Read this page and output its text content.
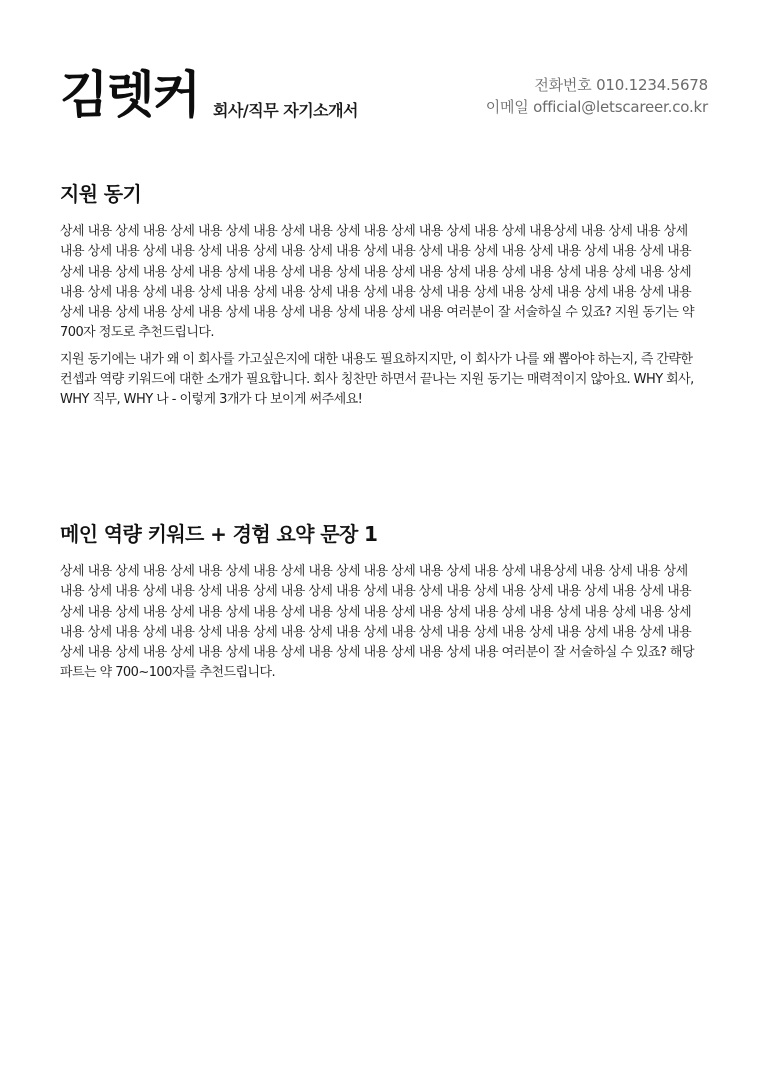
김렛커 회사/직무 자기소개서
전화번호 010.1234.5678
이메일 official@letscareer.co.kr
지원 동기

상세 내용 상세 내용 상세 내용 상세 내용 상세 내용 상세 내용 상세 내용 상세 내용 상세 내용상세 내용 상세 내용 상세 내용 상세 내용 상세 내용 상세 내용 상세 내용 상세 내용 상세 내용 상세 내용 상세 내용 상세 내용 상세 내용 상세 내용 상세 내용 상세 내용 상세 내용 상세 내용 상세 내용 상세 내용 상세 내용 상세 내용 상세 내용 상세 내용 상세 내용 상세 내용 상세 내용 상세 내용 상세 내용 상세 내용 상세 내용 상세 내용 상세 내용 상세 내용 상세 내용 상세 내용 상세 내용 상세 내용 상세 내용 상세 내용 상세 내용 상세 내용 상세 내용 상세 내용 여러분이 잘 서술하실 수 있죠? 지원 동기는 약 700자 정도로 추천드립니다.

지원 동기에는 내가 왜 이 회사를 가고싶은지에 대한 내용도 필요하지지만, 이 회사가 나를 왜 뽑아야 하는지, 즉 간략한 컨셉과 역량 키워드에 대한 소개가 필요합니다. 회사 칭찬만 하면서 끝나는 지원 동기는 매력적이지 않아요. WHY 회사, WHY 직무, WHY 나 - 이렇게 3개가 다 보이게 써주세요!

메인 역량 키워드 + 경험 요약 문장 1

상세 내용 상세 내용 상세 내용 상세 내용 상세 내용 상세 내용 상세 내용 상세 내용 상세 내용상세 내용 상세 내용 상세 내용 상세 내용 상세 내용 상세 내용 상세 내용 상세 내용 상세 내용 상세 내용 상세 내용 상세 내용 상세 내용 상세 내용 상세 내용 상세 내용 상세 내용 상세 내용 상세 내용 상세 내용 상세 내용 상세 내용 상세 내용 상세 내용 상세 내용 상세 내용 상세 내용 상세 내용 상세 내용 상세 내용 상세 내용 상세 내용 상세 내용 상세 내용 상세 내용 상세 내용 상세 내용 상세 내용 상세 내용 상세 내용 상세 내용 상세 내용 상세 내용 상세 내용 상세 내용 여러분이 잘 서술하실 수 있죠? 해당 파트는 약 700~100자를 추천드립니다.
